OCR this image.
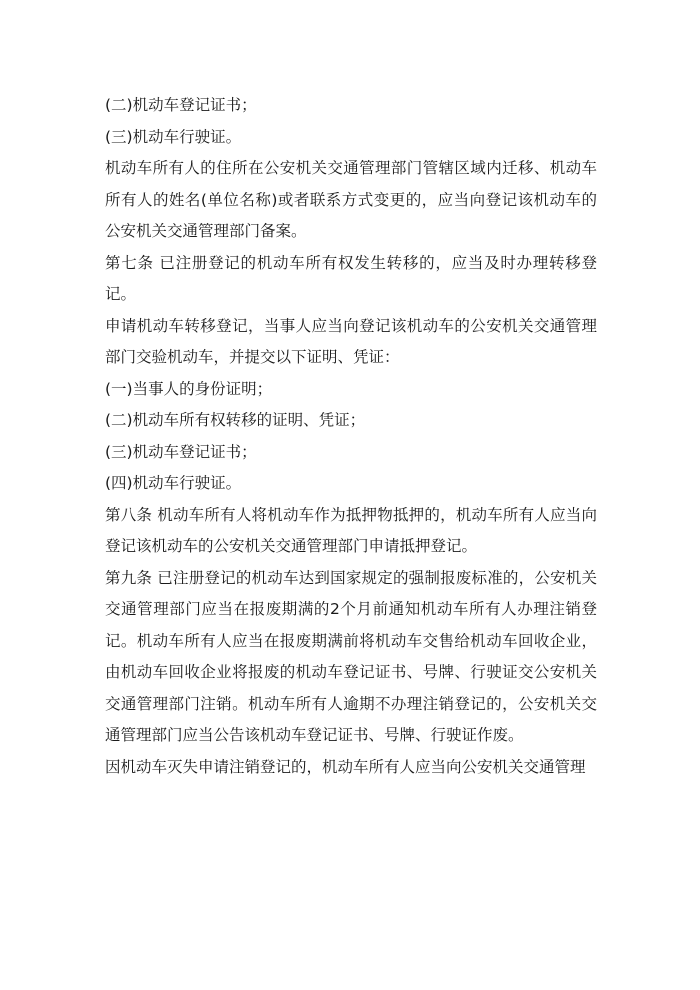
(二)机动车登记证书；

(三)机动车行驶证。

机动车所有人的住所在公安机关交通管理部门管辖区域内迁移、机动车所有人的姓名(单位名称)或者联系方式变更的，应当向登记该机动车的公安机关交通管理部门备案。

第七条 已注册登记的机动车所有权发生转移的，应当及时办理转移登记。

申请机动车转移登记，当事人应当向登记该机动车的公安机关交通管理部门交验机动车，并提交以下证明、凭证：

(一)当事人的身份证明；

(二)机动车所有权转移的证明、凭证；

(三)机动车登记证书；

(四)机动车行驶证。

第八条 机动车所有人将机动车作为抵押物抵押的，机动车所有人应当向登记该机动车的公安机关交通管理部门申请抵押登记。

第九条 已注册登记的机动车达到国家规定的强制报废标准的，公安机关交通管理部门应当在报废期满的2个月前通知机动车所有人办理注销登记。机动车所有人应当在报废期满前将机动车交售给机动车回收企业，由机动车回收企业将报废的机动车登记证书、号牌、行驶证交公安机关交通管理部门注销。机动车所有人逾期不办理注销登记的，公安机关交通管理部门应当公告该机动车登记证书、号牌、行驶证作废。

因机动车灭失申请注销登记的，机动车所有人应当向公安机关交通管理
